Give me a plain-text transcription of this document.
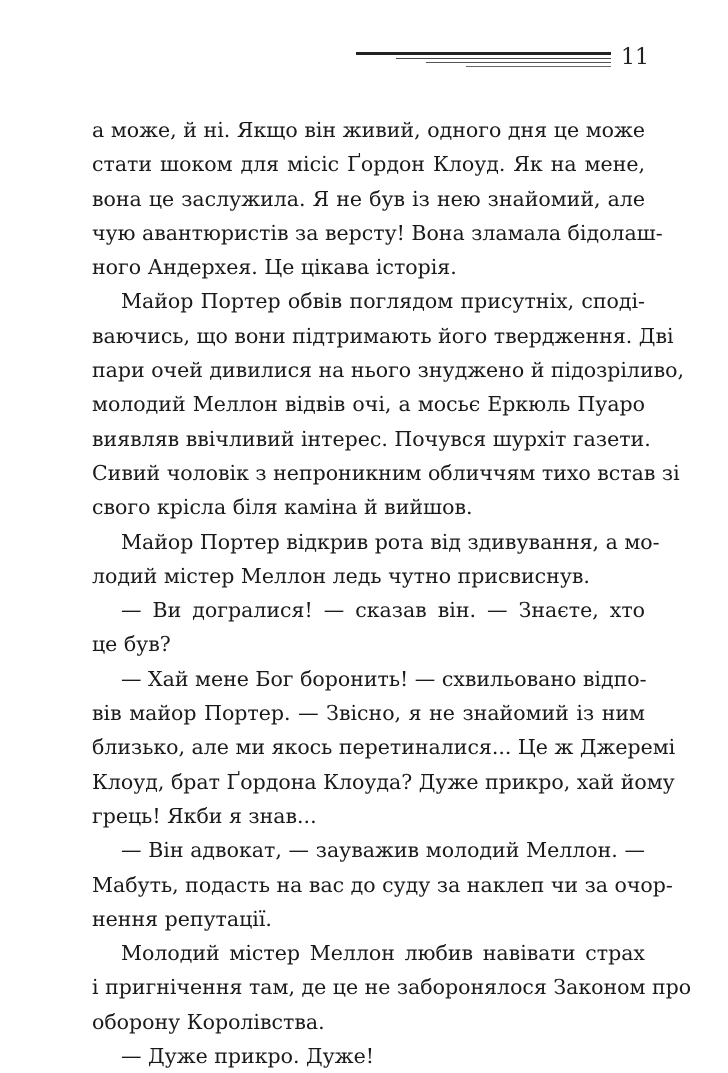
11

а може, й ні. Якщо він живий, одного дня це може
стати шоком для місіс Ґордон Клоуд. Як на мене,
вона це заслужила. Я не був із нею знайомий, але
чую авантюристів за версту! Вона зламала бідолаш-
ного Андерхея. Це цікава історія.

Майор Портер обвів поглядом присутніх, споді-
ваючись, що вони підтримають його твердження. Дві
пари очей дивилися на нього знуджено й підозріливо,
молодий Меллон відвів очі, а мосьє Еркюль Пуаро
виявляв ввічливий інтерес. Почувся шурхіт газети.
Сивий чоловік з непроникним обличчям тихо встав зі
свого крісла біля каміна й вийшов.

Майор Портер відкрив рота від здивування, а мо-
лодий містер Меллон ледь чутно присвиснув.

— Ви догралися! — сказав він. — Знаєте, хто
це був?

— Хай мене Бог боронить! — схвильовано відпо-
вів майор Портер. — Звісно, я не знайомий із ним
близько, але ми якось перетиналися... Це ж Джеремі
Клоуд, брат Ґордона Клоуда? Дуже прикро, хай йому
грець! Якби я знав...

— Він адвокат, — зауважив молодий Меллон. —
Мабуть, подасть на вас до суду за наклеп чи за очор-
нення репутації.

Молодий містер Меллон любив навівати страх
і пригнічення там, де це не заборонялося Законом про
оборону Королівства.

— Дуже прикро. Дуже!
